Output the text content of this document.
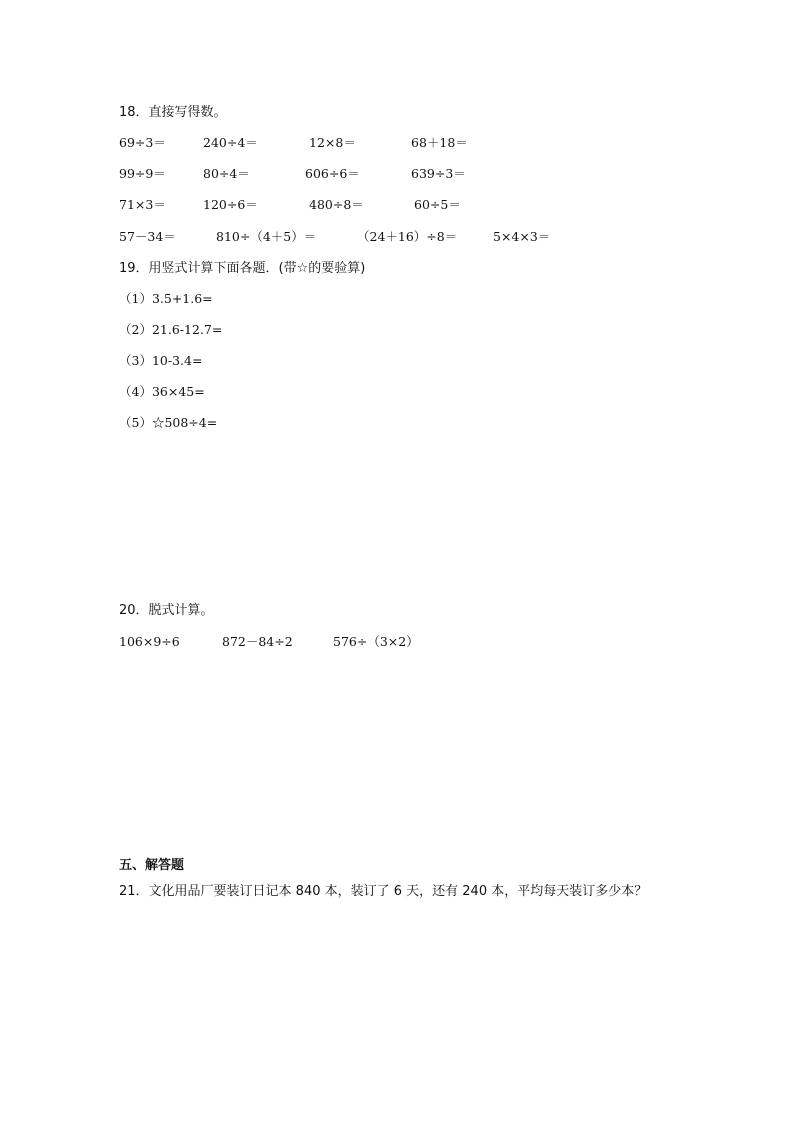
18．直接写得数。
69÷3＝	240÷4＝	12×8＝	68＋18＝
99÷9＝	80÷4＝	606÷6＝	639÷3＝
71×3＝	120÷6＝	480÷8＝	60÷5＝
57－34＝	810÷（4＋5）＝	（24＋16）÷8＝	5×4×3＝
19．用竖式计算下面各题．(带☆的要验算)
（1）3.5+1.6=
（2）21.6-12.7=
（3）10-3.4=
（4）36×45=
（5）☆508÷4=
20．脱式计算。
106×9÷6	872－84÷2	576÷（3×2）
五、解答题
21．文化用品厂要装订日记本 840 本，装订了 6 天，还有 240 本，平均每天装订多少本？
